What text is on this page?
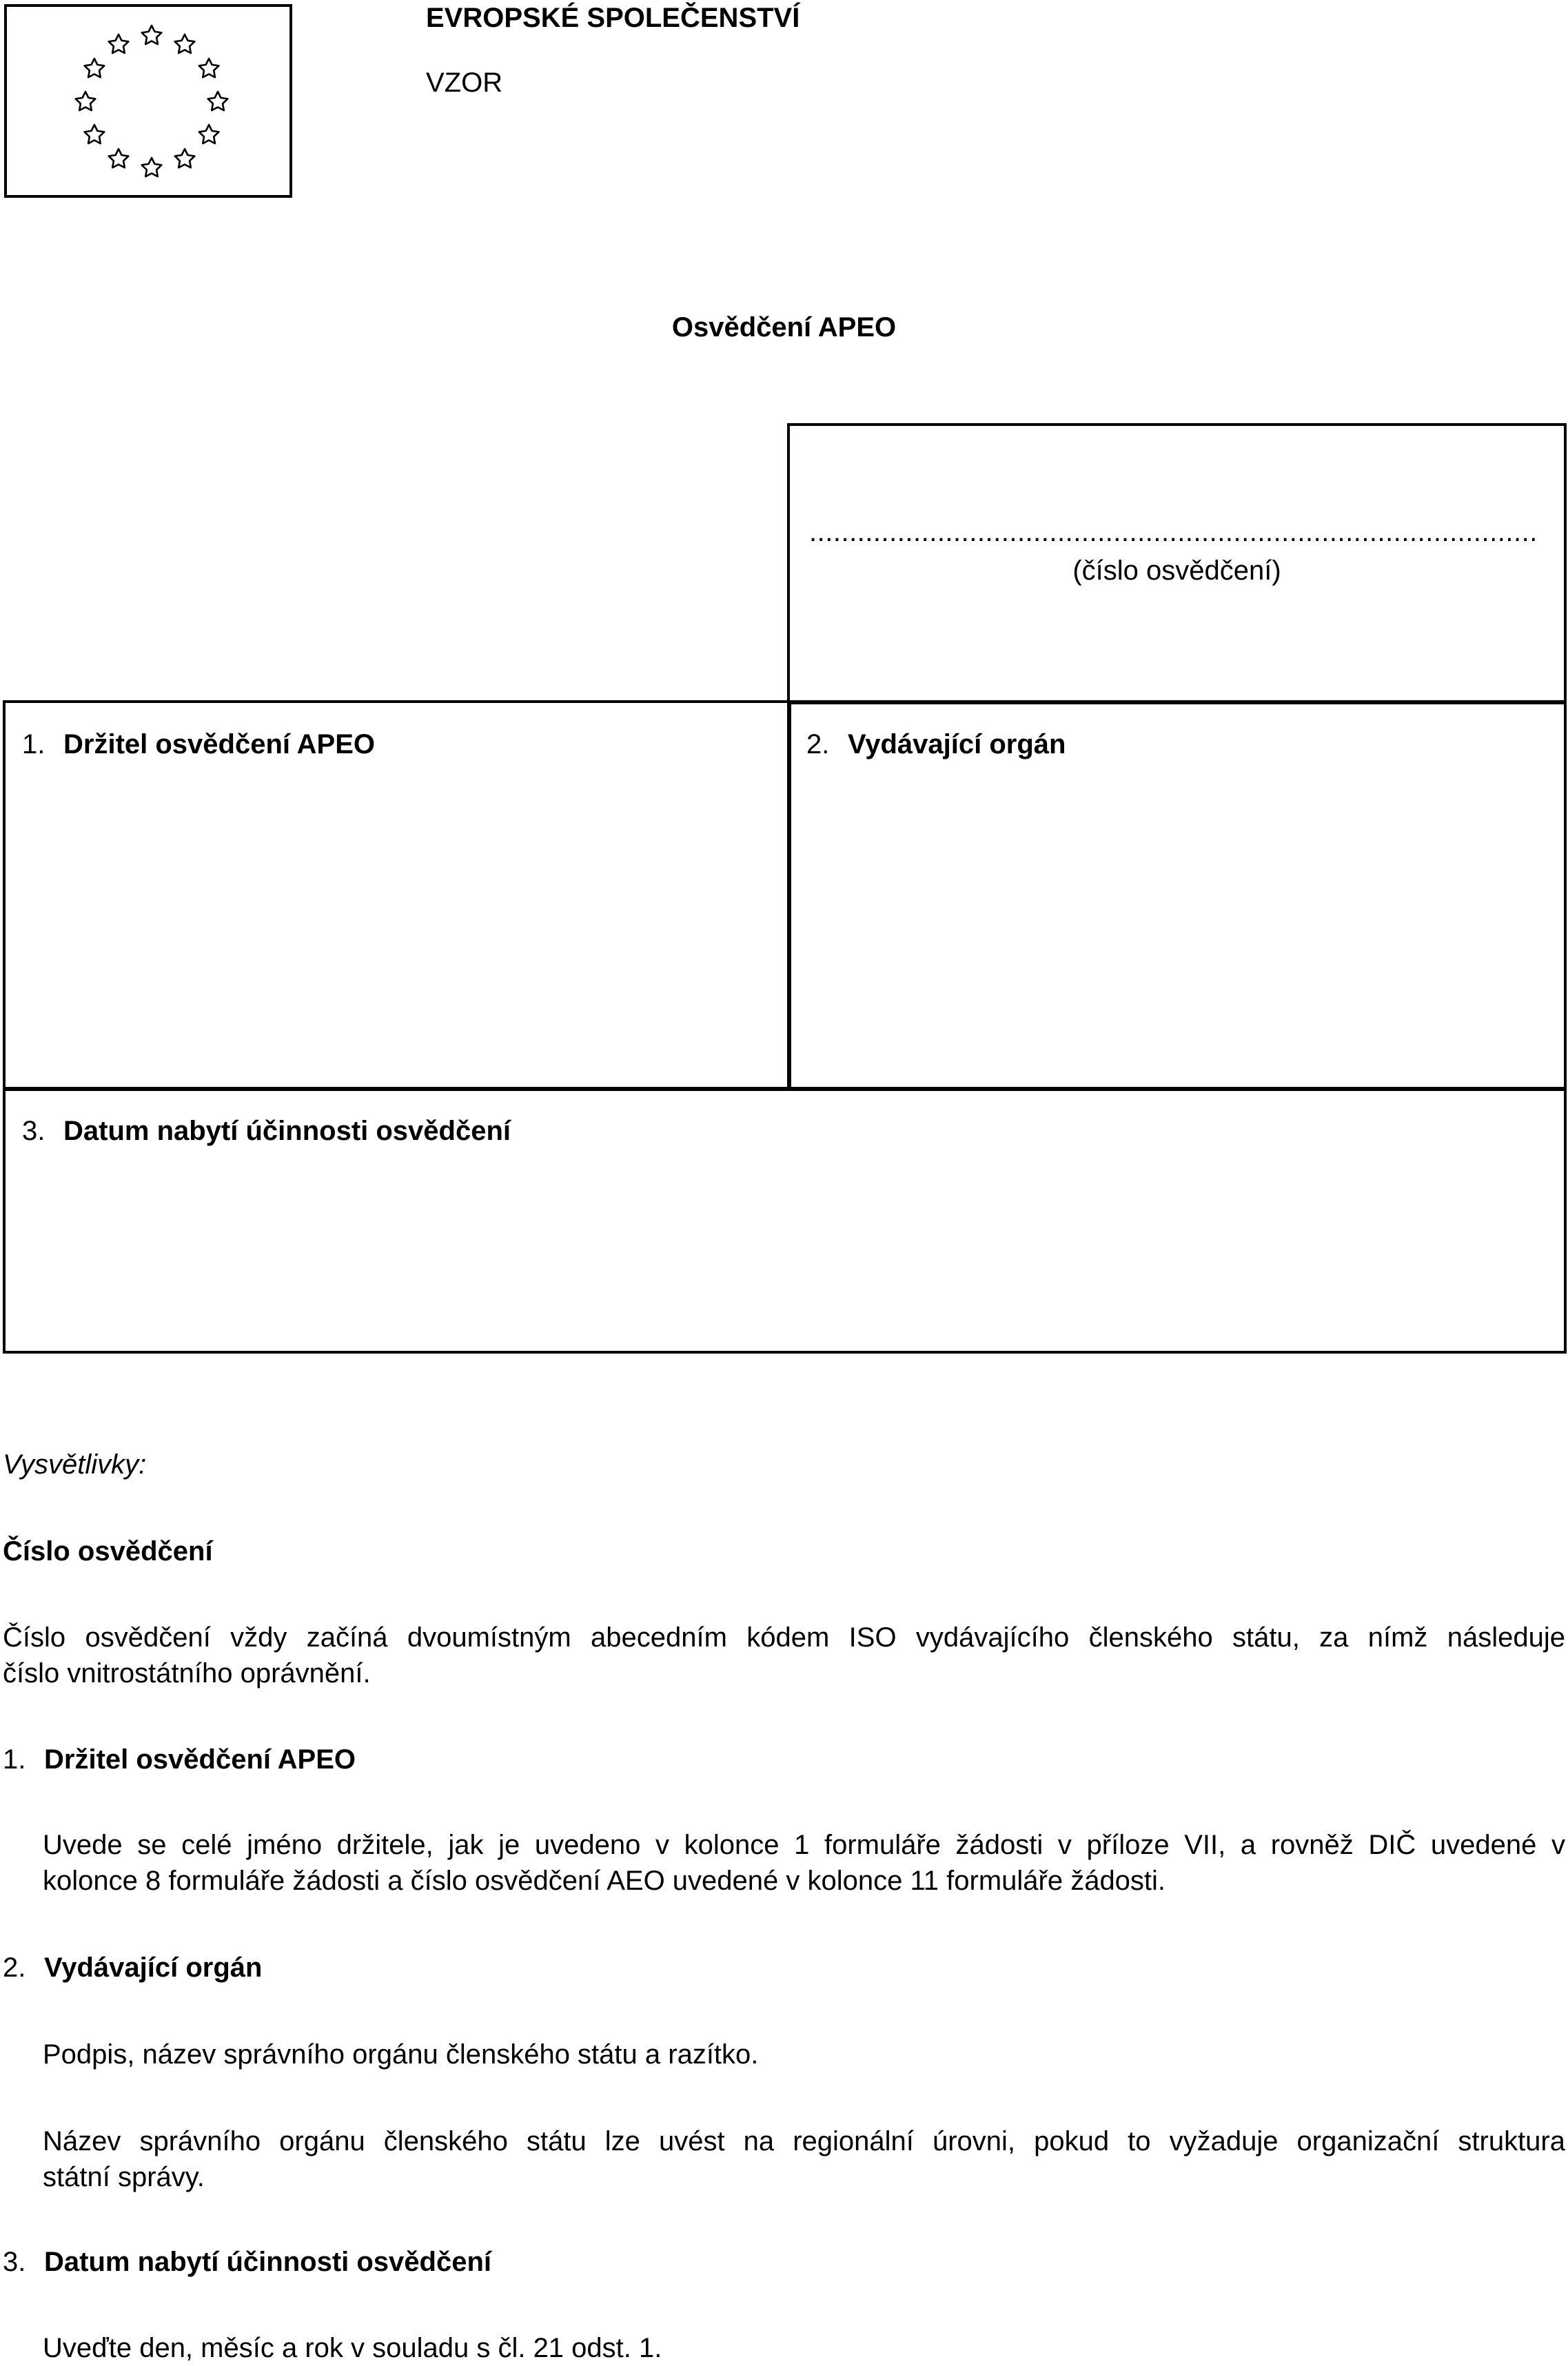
EVROPSKÉ SPOLEČENSTVÍ
VZOR
Osvědčení APEO
...........................................................................................
(číslo osvědčení)
1. Držitel osvědčení APEO	2. Vydávající orgán
3. Datum nabytí účinnosti osvědčení
Vysvětlivky:
Číslo osvědčení
Číslo osvědčení vždy začíná dvoumístným abecedním kódem ISO vydávajícího členského státu, za nímž následuje
číslo vnitrostátního oprávnění.
1. Držitel osvědčení APEO
Uvede se celé jméno držitele, jak je uvedeno v kolonce 1 formuláře žádosti v příloze VII, a rovněž DIČ uvedené v
kolonce 8 formuláře žádosti a číslo osvědčení AEO uvedené v kolonce 11 formuláře žádosti.
2. Vydávající orgán
Podpis, název správního orgánu členského státu a razítko.
Název správního orgánu členského státu lze uvést na regionální úrovni, pokud to vyžaduje organizační struktura
státní správy.
3. Datum nabytí účinnosti osvědčení
Uveďte den, měsíc a rok v souladu s čl. 21 odst. 1.
